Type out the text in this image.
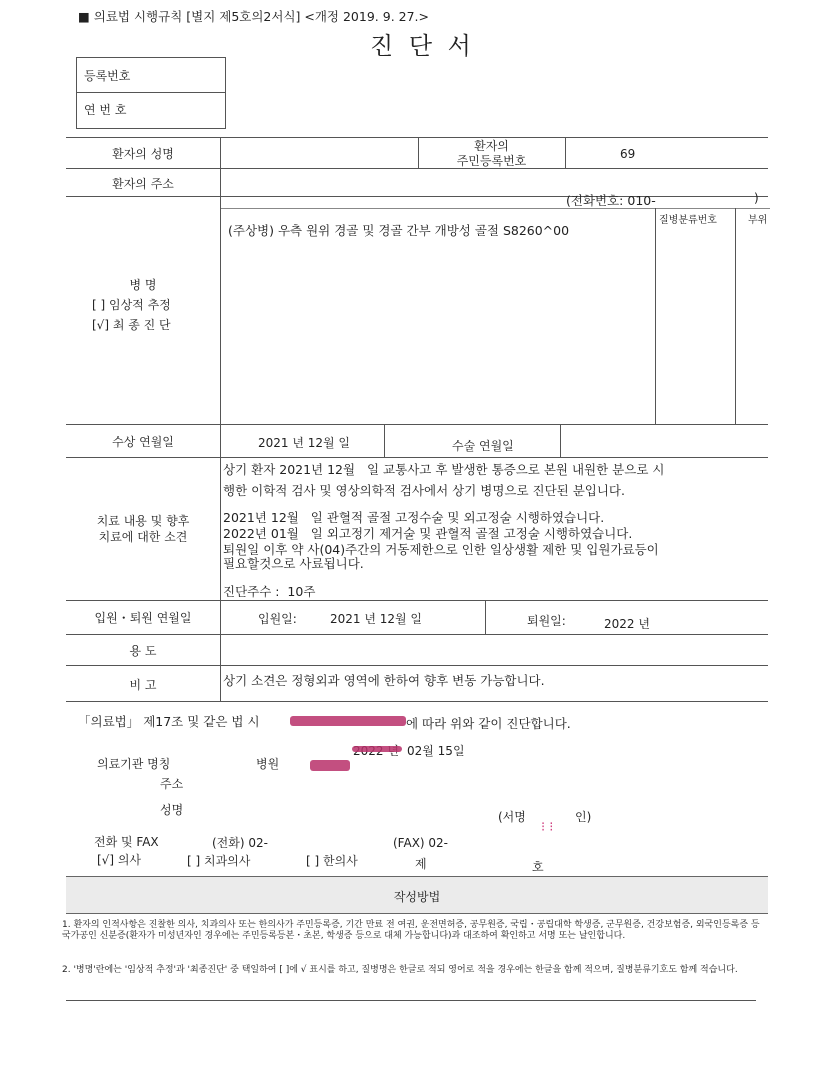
■ 의료법 시행규칙 [별지 제5호의2서식] <개정 2019. 9. 27.>
진 단 서
등록번호
연 번 호
환자의 성명
환자의
주민등록번호	69
환자의 주소
(전화번호: 010-	)
병 명
[ ] 임상적 추정
[√] 최 종 진 단
(주상병) 우측 원위 경골 및 경골 간부 개방성 골절 S8260^00
질병분류번호	부위
수상 연월일	2021 년 12월 일	수술 연월일
치료 내용 및 향후
치료에 대한 소견
상기 환자 2021년 12월   일 교통사고 후 발생한 통증으로 본원 내원한 분으로 시
행한 이학적 검사 및 영상의학적 검사에서 상기 병명으로 진단된 분입니다.
2021년 12월   일 관혈적 골절 고정수술 및 외고정술 시행하였습니다.
2022년 01월   일 외고정기 제거술 및 관혈적 골절 고정술 시행하였습니다.
퇴원일 이후 약 사(04)주간의 거동제한으로 인한 일상생활 제한 및 입원가료등이
필요할것으로 사료됩니다.
진단주수 :  10주
입원・퇴원 연월일	입원일:	2021 년 12월 일	퇴원일:	2022 년
용 도
비 고	상기 소견은 정형외과 영역에 한하여 향후 변동 가능합니다.
「의료법」 제17조 및 같은 법 시	에 따라 위와 같이 진단합니다.
02월 15일
의료기관 명칭	병원
주소
성명	(서명	인)
⁝ ⁝
전화 및 FAX	(전화) 02-	(FAX) 02-
[√] 의사	[ ] 치과의사	[ ] 한의사	제	호
작성방법
1. 환자의 인적사항은 진찰한 의사, 치과의사 또는 한의사가 주민등록증, 기간 만료 전 여권, 운전면허증, 공무원증, 국립・공립대학 학생증, 군무원증, 건강보험증, 외국인등록증 등 국가공인 신분증(환자가 미성년자인 경우에는 주민등록등본・초본, 학생증 등으로 대체 가능합니다)과 대조하여 확인하고 서명 또는 날인합니다.
2. '병명'란에는 '임상적 추정'과 '최종진단' 중 택일하여 [ ]에 √ 표시를 하고, 질병명은 한글로 적되 영어로 적을 경우에는 한글을 함께 적으며, 질병분류기호도 함께 적습니다.
